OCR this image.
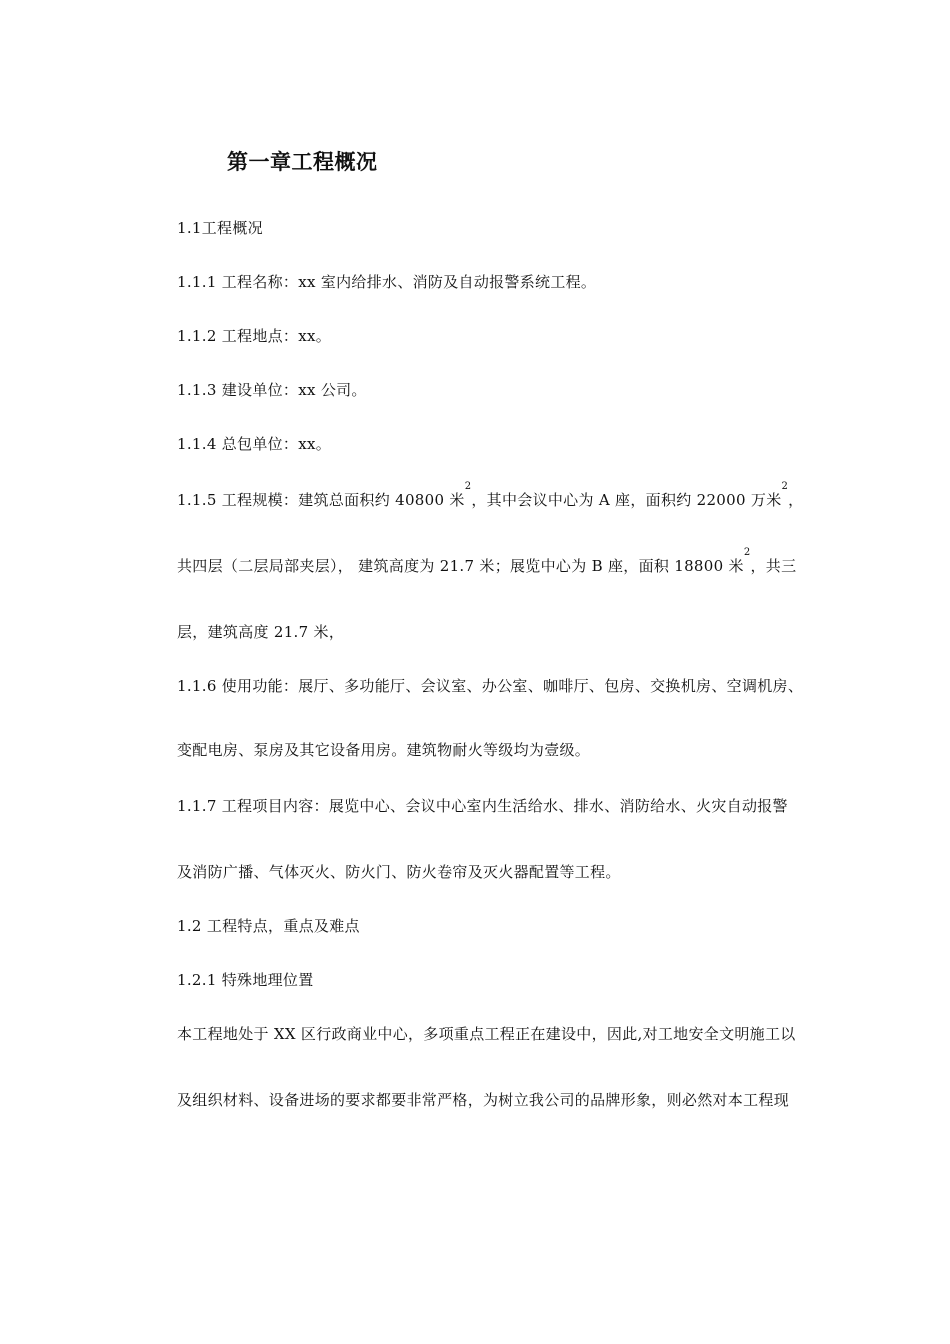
第一章工程概况
1.1工程概况
1.1.1 工程名称：xx 室内给排水、消防及自动报警系统工程。
1.1.2 工程地点：xx。
1.1.3 建设单位：xx 公司。
1.1.4 总包单位：xx。
1.1.5 工程规模：建筑总面积约 40800 米$^2$，其中会议中心为 A 座，面积约 22000 万米$^2$，
共四层（二层局部夹层）， 建筑高度为 21.7 米；展览中心为 B 座，面积 18800 米$^2$，共三
层，建筑高度 21.7 米，
1.1.6 使用功能：展厅、多功能厅、会议室、办公室、咖啡厅、包房、交换机房、空调机房、
变配电房、泵房及其它设备用房。建筑物耐火等级均为壹级。
1.1.7 工程项目内容：展览中心、会议中心室内生活给水、排水、消防给水、火灾自动报警
及消防广播、气体灭火、防火门、防火卷帘及灭火器配置等工程。
1.2 工程特点，重点及难点
1.2.1 特殊地理位置
本工程地处于 XX 区行政商业中心，多项重点工程正在建设中，因此,对工地安全文明施工以
及组织材料、设备进场的要求都要非常严格，为树立我公司的品牌形象，则必然对本工程现
